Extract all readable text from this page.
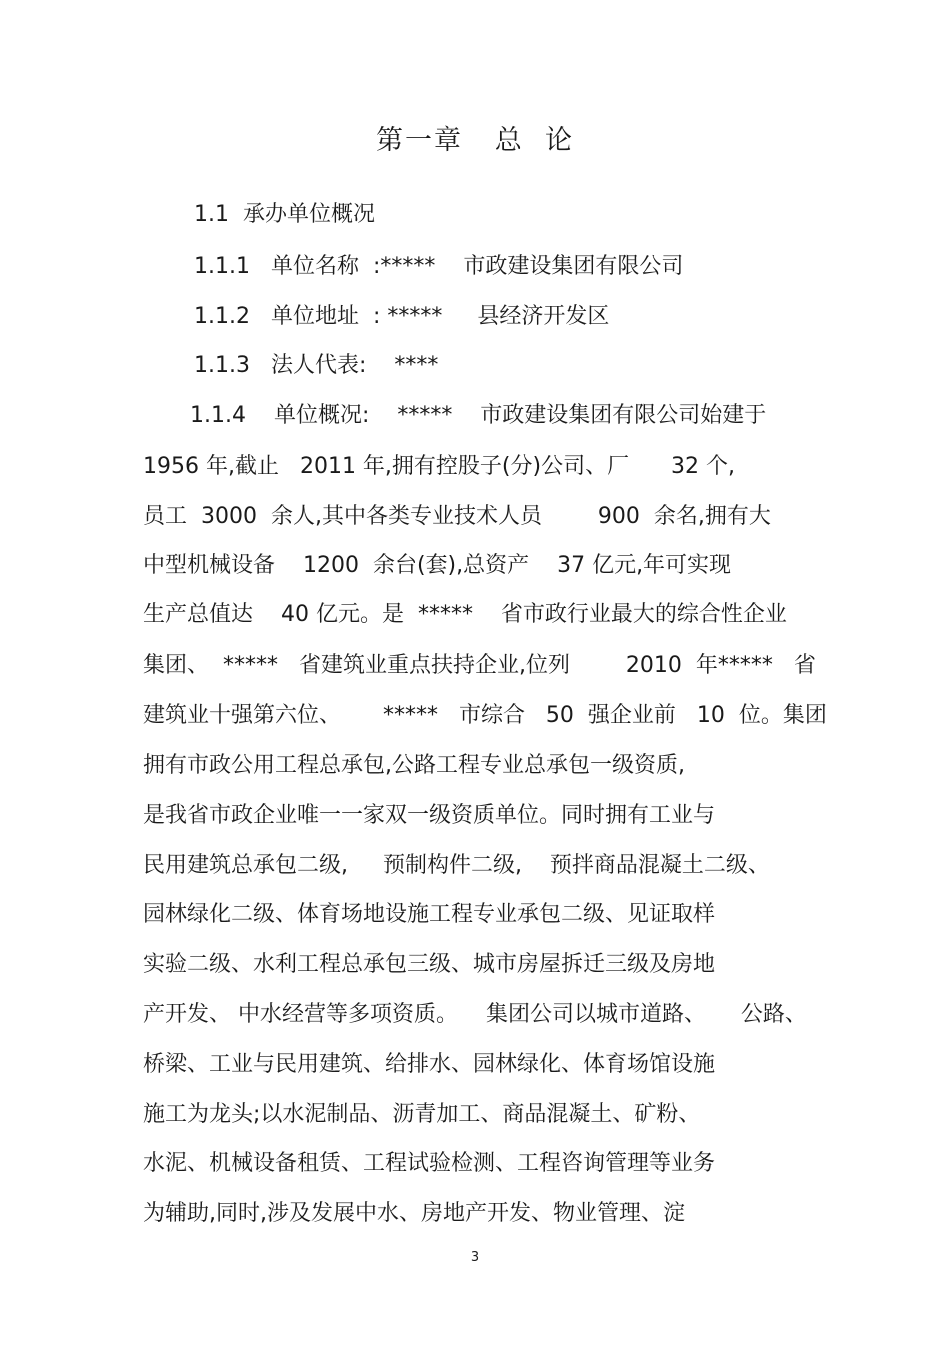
第一章   总  论
1.1  承办单位概况
1.1.1   单位名称  :*****    市政建设集团有限公司
1.1.2   单位地址  : *****     县经济开发区
1.1.3   法人代表:    ****
1.1.4    单位概况:    *****    市政建设集团有限公司始建于
1956 年,截止   2011 年,拥有控股子(分)公司、厂      32 个,
员工  3000  余人,其中各类专业技术人员        900  余名,拥有大
中型机械设备    1200  余台(套),总资产    37 亿元,年可实现
生产总值达    40 亿元。是  *****    省市政行业最大的综合性企业
集团、  *****   省建筑业重点扶持企业,位列        2010  年*****   省
建筑业十强第六位、      *****   市综合   50  强企业前   10  位。集团
拥有市政公用工程总承包,公路工程专业总承包一级资质,
是我省市政企业唯一一家双一级资质单位。同时拥有工业与
民用建筑总承包二级,     预制构件二级,    预拌商品混凝土二级、
园林绿化二级、体育场地设施工程专业承包二级、见证取样
实验二级、水利工程总承包三级、城市房屋拆迁三级及房地
产开发、 中水经营等多项资质。    集团公司以城市道路、     公路、
桥梁、工业与民用建筑、给排水、园林绿化、体育场馆设施
施工为龙头;以水泥制品、沥青加工、商品混凝土、矿粉、
水泥、机械设备租赁、工程试验检测、工程咨询管理等业务
为辅助,同时,涉及发展中水、房地产开发、物业管理、淀
3
